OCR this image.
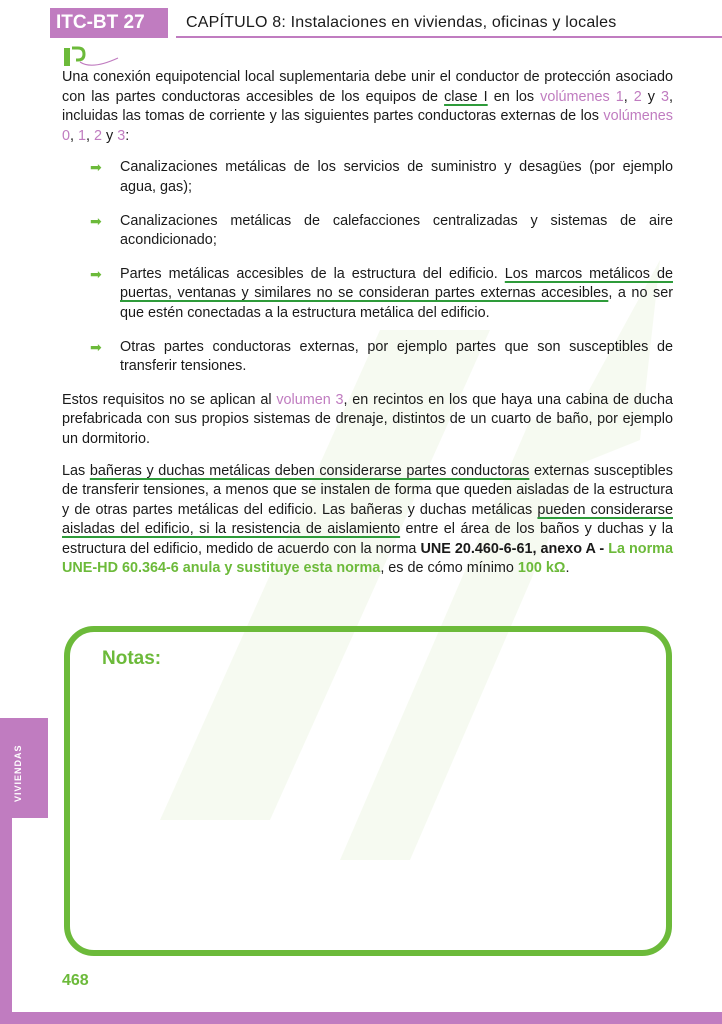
ITC-BT 27	CAPÍTULO 8: Instalaciones en viviendas, oficinas y locales
VIVIENDAS

Una conexión equipotencial local suplementaria debe unir el conductor de protección asociado con las partes conductoras accesibles de los equipos de clase I en los volúmenes 1, 2 y 3, incluidas las tomas de corriente y las siguientes partes conductoras externas de los volúmenes 0, 1, 2 y 3:

➡ Canalizaciones metálicas de los servicios de suministro y desagües (por ejemplo agua, gas);
➡ Canalizaciones metálicas de calefacciones centralizadas y sistemas de aire acondicionado;
➡ Partes metálicas accesibles de la estructura del edificio. Los marcos metálicos de puertas, ventanas y similares no se consideran partes externas accesibles, a no ser que estén conectadas a la estructura metálica del edificio.
➡ Otras partes conductoras externas, por ejemplo partes que son susceptibles de transferir tensiones.

Estos requisitos no se aplican al volumen 3, en recintos en los que haya una cabina de ducha prefabricada con sus propios sistemas de drenaje, distintos de un cuarto de baño, por ejemplo un dormitorio.

Las bañeras y duchas metálicas deben considerarse partes conductoras externas susceptibles de transferir tensiones, a menos que se instalen de forma que queden aisladas de la estructura y de otras partes metálicas del edificio. Las bañeras y duchas metálicas pueden considerarse aisladas del edificio, si la resistencia de aislamiento entre el área de los baños y duchas y la estructura del edificio, medido de acuerdo con la norma UNE 20.460-6-61, anexo A - La norma UNE-HD 60.364-6 anula y sustituye esta norma, es de cómo mínimo 100 kΩ.

Notas:
468
